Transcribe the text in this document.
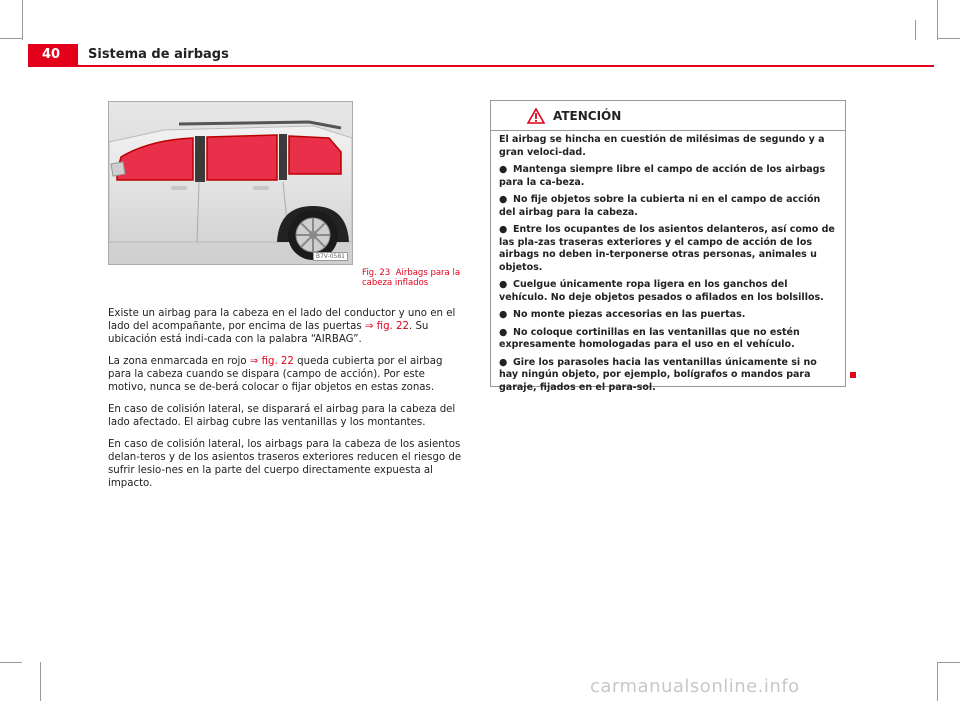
40	Sistema de airbags
B7V-0581
Fig. 23 Airbags para la cabeza inflados

Existe un airbag para la cabeza en el lado del conductor y uno en el lado del acompañante, por encima de las puertas ⇒ fig. 22. Su ubicación está indi-cada con la palabra “AIRBAG”.

La zona enmarcada en rojo ⇒ fig. 22 queda cubierta por el airbag para la cabeza cuando se dispara (campo de acción). Por este motivo, nunca se de-berá colocar o fijar objetos en estas zonas.

En caso de colisión lateral, se disparará el airbag para la cabeza del lado afectado. El airbag cubre las ventanillas y los montantes.

En caso de colisión lateral, los airbags para la cabeza de los asientos delan-teros y de los asientos traseros exteriores reducen el riesgo de sufrir lesio-nes en la parte del cuerpo directamente expuesta al impacto.

ATENCIÓN

El airbag se hincha en cuestión de milésimas de segundo y a gran veloci-dad.

● Mantenga siempre libre el campo de acción de los airbags para la ca-beza.

● No fije objetos sobre la cubierta ni en el campo de acción del airbag para la cabeza.

● Entre los ocupantes de los asientos delanteros, así como de las pla-zas traseras exteriores y el campo de acción de los airbags no deben in-terponerse otras personas, animales u objetos.

● Cuelgue únicamente ropa ligera en los ganchos del vehículo. No deje objetos pesados o afilados en los bolsillos.

● No monte piezas accesorias en las puertas.

● No coloque cortinillas en las ventanillas que no estén expresamente homologadas para el uso en el vehículo.

● Gire los parasoles hacia las ventanillas únicamente si no hay ningún objeto, por ejemplo, bolígrafos o mandos para garaje, fijados en el para-sol.

carmanualsonline.info
